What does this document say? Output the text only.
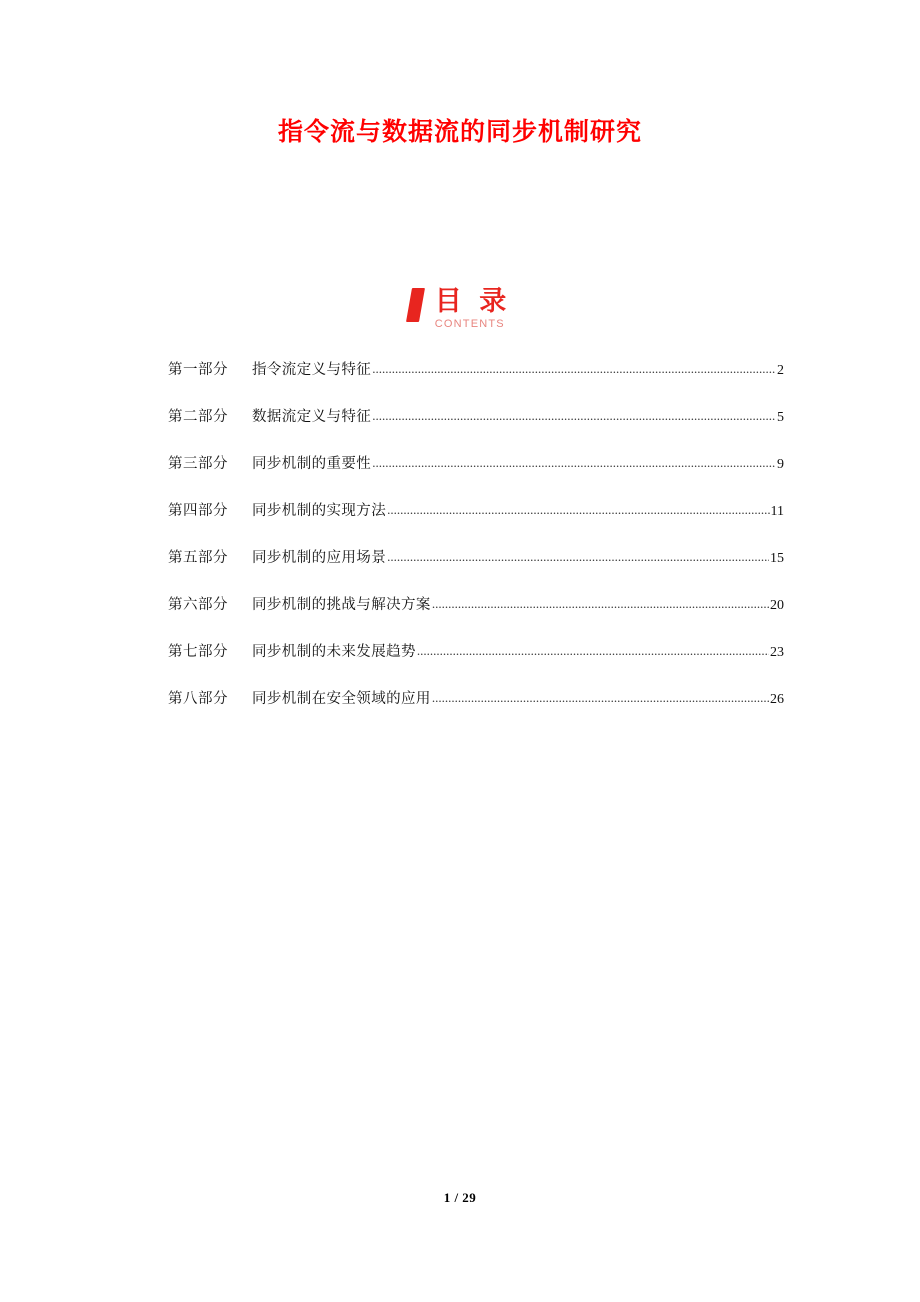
指令流与数据流的同步机制研究
目 录
CONTENTS
第一部分	指令流定义与特征 .....	2
第二部分	数据流定义与特征 .....	5
第三部分	同步机制的重要性 .....	9
第四部分	同步机制的实现方法 .....	11
第五部分	同步机制的应用场景 .....	15
第六部分	同步机制的挑战与解决方案 .....	20
第七部分	同步机制的未来发展趋势 .....	23
第八部分	同步机制在安全领域的应用 .....	26
1 / 29
